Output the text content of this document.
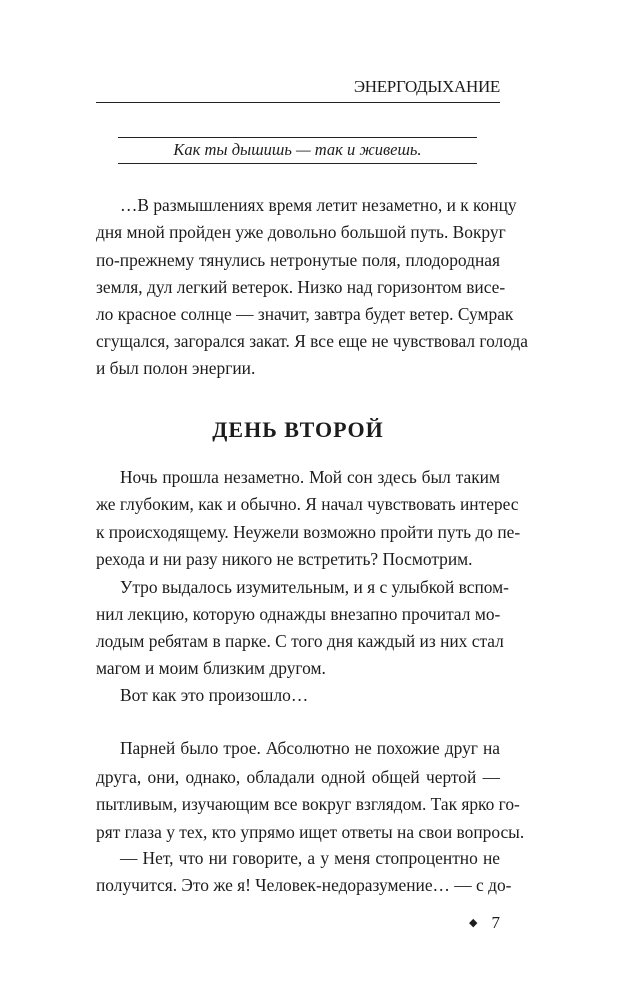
ЭНЕРГОДЫХАНИЕ
Как ты дышишь — так и живешь.
…В размышлениях время летит незаметно, и к концу
дня мной пройден уже довольно большой путь. Вокруг
по-прежнему тянулись нетронутые поля, плодородная
земля, дул легкий ветерок. Низко над горизонтом висе-
ло красное солнце — значит, завтра будет ветер. Сумрак
сгущался, загорался закат. Я все еще не чувствовал голода
и был полон энергии.
ДЕНЬ ВТОРОЙ
Ночь прошла незаметно. Мой сон здесь был таким
же глубоким, как и обычно. Я начал чувствовать интерес
к происходящему. Неужели возможно пройти путь до пе-
рехода и ни разу никого не встретить? Посмотрим.
Утро выдалось изумительным, и я с улыбкой вспом-
нил лекцию, которую однажды внезапно прочитал мо-
лодым ребятам в парке. С того дня каждый из них стал
магом и моим близким другом.
Вот как это произошло…
Парней было трое. Абсолютно не похожие друг на
друга, они, однако, обладали одной общей чертой —
пытливым, изучающим все вокруг взглядом. Так ярко го-
рят глаза у тех, кто упрямо ищет ответы на свои вопросы.
— Нет, что ни говорите, а у меня стопроцентно не
получится. Это же я! Человек-недоразумение… — с до-
◆ 7
